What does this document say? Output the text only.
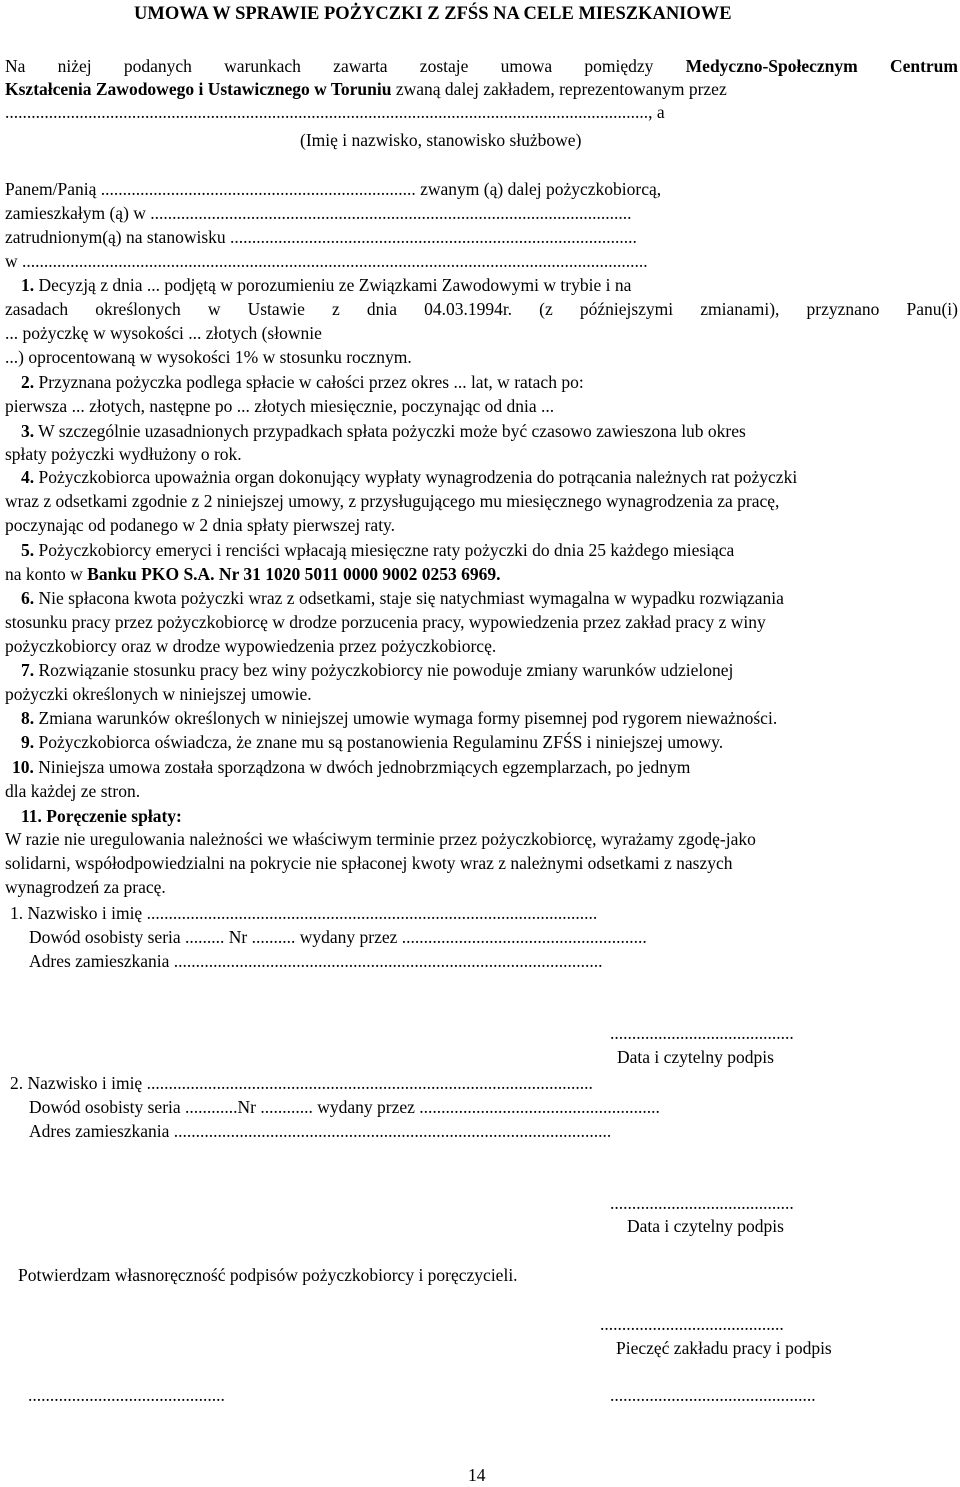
UMOWA W SPRAWIE POŻYCZKI Z ZFŚS NA CELE MIESZKANIOWE
Na niżej podanych warunkach zawarta zostaje umowa pomiędzy Medyczno-Społecznym Centrum
Kształcenia Zawodowego i Ustawicznego w Toruniu zwaną dalej zakładem, reprezentowanym przez
..................................................................................................................................................., a
(Imię i nazwisko, stanowisko służbowe)
Panem/Panią ........................................................................ zwanym (ą) dalej pożyczkobiorcą,
zamieszkałym (ą) w ..............................................................................................................
zatrudnionym(ą) na stanowisku .............................................................................................
w ...............................................................................................................................................
1. Decyzją z dnia ... podjętą w porozumieniu ze Związkami Zawodowymi w trybie i na
zasadach określonych w Ustawie z dnia 04.03.1994r. (z późniejszymi zmianami), przyznano Panu(i)
... pożyczkę w wysokości ... złotych (słownie
...) oprocentowaną w wysokości 1% w stosunku rocznym.
2. Przyznana pożyczka podlega spłacie w całości przez okres ... lat, w ratach po:
pierwsza ... złotych, następne po ... złotych miesięcznie, poczynając od dnia ...
3. W szczególnie uzasadnionych przypadkach spłata pożyczki może być czasowo zawieszona lub okres
spłaty pożyczki wydłużony o rok.
4. Pożyczkobiorca upoważnia organ dokonujący wypłaty wynagrodzenia do potrącania należnych rat pożyczki
wraz z odsetkami zgodnie z 2 niniejszej umowy, z przysługującego mu miesięcznego wynagrodzenia za pracę,
poczynając od podanego w 2 dnia spłaty pierwszej raty.
5. Pożyczkobiorcy emeryci i renciści wpłacają miesięczne raty pożyczki do dnia 25 każdego miesiąca
na konto w Banku PKO S.A. Nr 31 1020 5011 0000 9002 0253 6969.
6. Nie spłacona kwota pożyczki wraz z odsetkami, staje się natychmiast wymagalna w wypadku rozwiązania
stosunku pracy przez pożyczkobiorcę w drodze porzucenia pracy, wypowiedzenia przez zakład pracy z winy
pożyczkobiorcy oraz w drodze wypowiedzenia przez pożyczkobiorcę.
7. Rozwiązanie stosunku pracy bez winy pożyczkobiorcy nie powoduje zmiany warunków udzielonej
pożyczki określonych w niniejszej umowie.
8. Zmiana warunków określonych w niniejszej umowie wymaga formy pisemnej pod rygorem nieważności.
9. Pożyczkobiorca oświadcza, że znane mu są postanowienia Regulaminu ZFŚS i niniejszej umowy.
10. Niniejsza umowa została sporządzona w dwóch jednobrzmiących egzemplarzach, po jednym
dla każdej ze stron.
11. Poręczenie spłaty:
W razie nie uregulowania należności we właściwym terminie przez pożyczkobiorcę, wyrażamy zgodę-jako
solidarni, współodpowiedzialni na pokrycie nie spłaconej kwoty wraz z należnymi odsetkami z naszych
wynagrodzeń za pracę.
1. Nazwisko i imię .......................................................................................................
Dowód osobisty seria ......... Nr .......... wydany przez ........................................................
Adres zamieszkania ..................................................................................................
..........................................
Data i czytelny podpis
2. Nazwisko i imię ......................................................................................................
Dowód osobisty seria ............Nr ............ wydany przez .......................................................
Adres zamieszkania ....................................................................................................
..........................................
Data i czytelny podpis
Potwierdzam własnoręczność podpisów pożyczkobiorcy i poręczycieli.
..........................................
Pieczęć zakładu pracy i podpis
.............................................	...............................................
14
